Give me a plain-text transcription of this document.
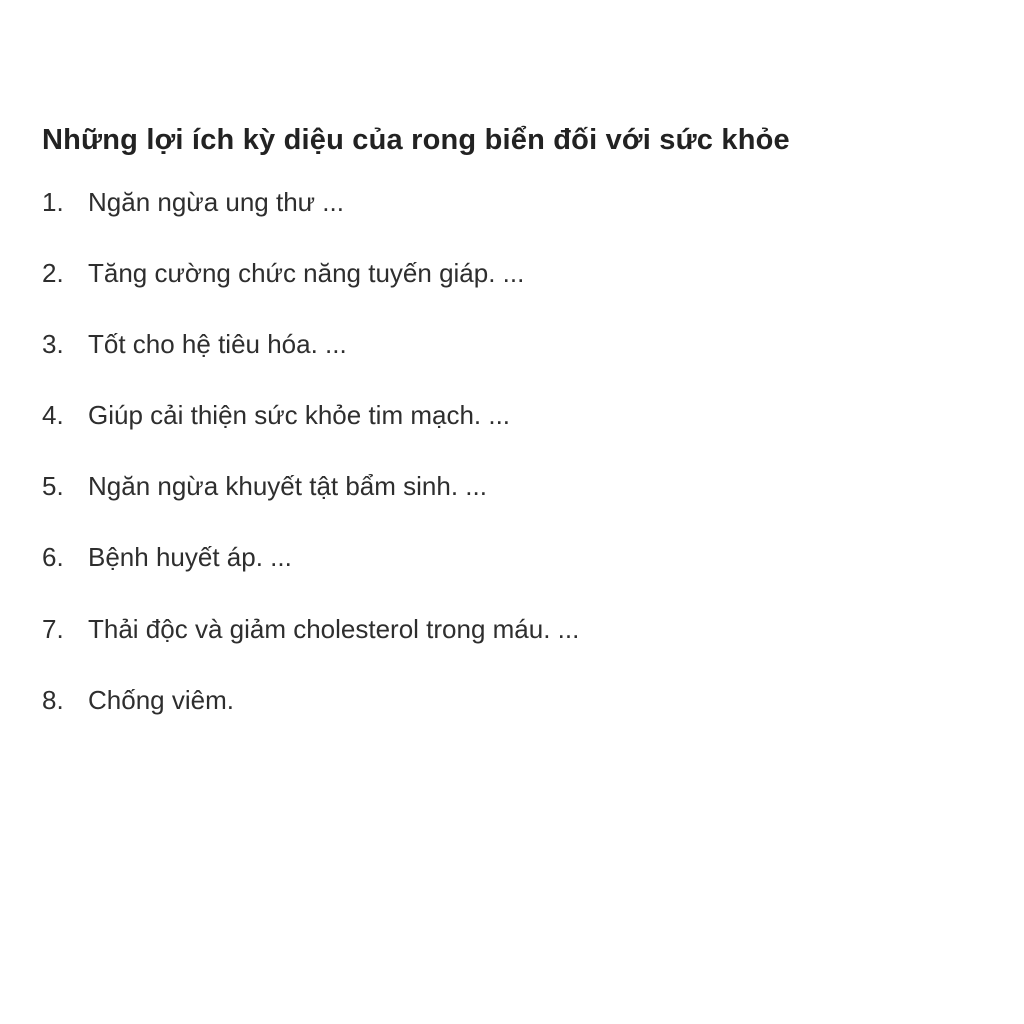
Những lợi ích kỳ diệu của rong biển đối với sức khỏe
1. Ngăn ngừa ung thư ...
2. Tăng cường chức năng tuyến giáp. ...
3. Tốt cho hệ tiêu hóa. ...
4. Giúp cải thiện sức khỏe tim mạch. ...
5. Ngăn ngừa khuyết tật bẩm sinh. ...
6. Bệnh huyết áp. ...
7. Thải độc và giảm cholesterol trong máu. ...
8. Chống viêm.
